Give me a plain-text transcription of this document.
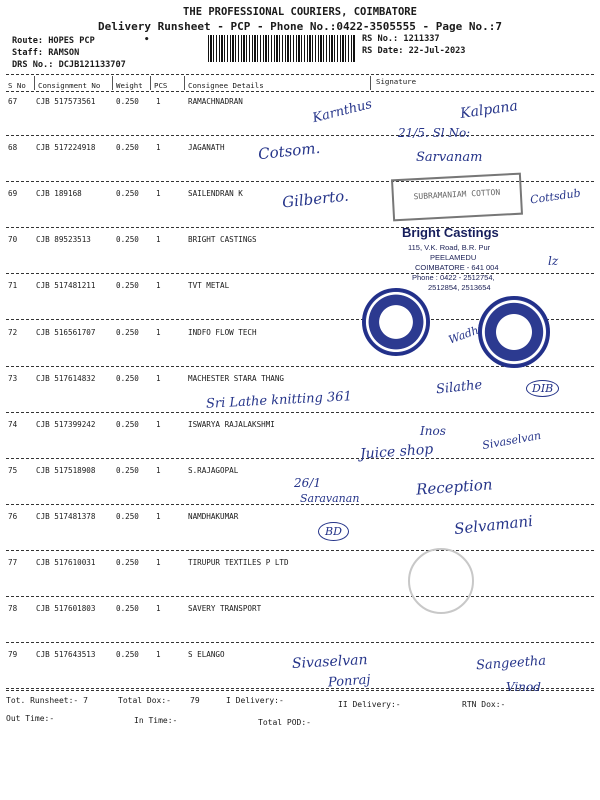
THE PROFESSIONAL COURIERS, COIMBATORE
Delivery Runsheet - PCP - Phone No.:0422-3505555 - Page No.:7
Route: HOPES PCP	•
Staff: RAMSON
DRS No.: DCJB121133707
RS No.: 1211337
RS Date: 22-Jul-2023
S No Consignment No Weight PCS	Consignee Details	Signature
67 CJB 517573561	0.250 1	RAMACHNADRAN
68 CJB 517224918	0.250 1	JAGANATH
69 CJB 189168	0.250 1	SAILENDRAN K
70 CJB 89523513	0.250 1	BRIGHT CASTINGS
71 CJB 517481211	0.250 1	TVT METAL
72 CJB 516561707	0.250 1	INDFO FLOW TECH
73 CJB 517614832	0.250 1	MACHESTER STARA THANG
74 CJB 517399242	0.250 1	ISWARYA RAJALAKSHMI
75 CJB 517518908	0.250 1	S.RAJAGOPAL
76 CJB 517481378	0.250 1	NAMDHAKUMAR
77 CJB 517610031	0.250 1	TIRUPUR TEXTILES P LTD
78 CJB 517601803	0.250 1	SAVERY TRANSPORT
79 CJB 517643513	0.250 1	S ELANGO
SUBRAMANIAM COTTON
Bright Castings
115, V.K. Road, B.R. Pur
PEELAMEDU
COIMBATORE - 641 004
Phone : 0422 - 2512754,
2512854, 2513654
Tot. Runsheet:- 7	Total Dox:- 79	I Delivery:-	II Delivery:-	RTN Dox:-
Out Time:-	In Time:-	Total POD:-
Karnthus	Kalpana
21/5. Sl No:
Cotsom.	Sarvanam
Gilberto.	Cottsdub
lz
Wadhi
Silathe	DIB
Sri Lathe knitting 361
Inos
Juice shop	Sivaselvan
26/1
Saravanan	Reception
BD	Selvamani
Sivaselvan	Sangeetha
Ponraj	Vinod
